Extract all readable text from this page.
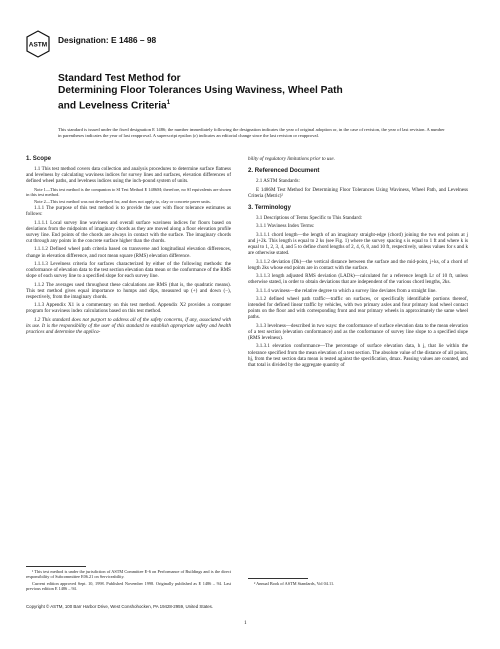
ASTM Designation: E 1486 – 98
Standard Test Method for
Determining Floor Tolerances Using Waviness, Wheel Path
and Levelness Criteria$^1$
This standard is issued under the fixed designation E 1486; the number immediately following the designation indicates the year of original adoption or, in the case of revision, the year of last revision. A number in parentheses indicates the year of last reapproval. A superscript epsilon (ε) indicates an editorial change since the last revision or reapproval.
1. Scope

1.1 This test method covers data collection and analysis procedures to determine surface flatness and levelness by calculating waviness indices for survey lines and surfaces, elevation differences of defined wheel paths, and levelness indices using the inch-pound system of units.

Note 1—This test method is the companion to SI Test Method E 1486M; therefore, no SI equivalents are shown in this test method.

Note 2—This test method was not developed for, and does not apply to, clay or concrete paver units.

1.1.1 The purpose of this test method is to provide the user with floor tolerance estimates as follows:

1.1.1.1 Local survey line waviness and overall surface waviness indices for floors based on deviations from the midpoints of imaginary chords as they are moved along a floor elevation profile survey line. End points of the chords are always in contact with the surface. The imaginary chords cut through any points in the concrete surface higher than the chords.

1.1.1.2 Defined wheel path criteria based on transverse and longitudinal elevation differences, change in elevation difference, and root mean square (RMS) elevation difference.

1.1.1.3 Levelness criteria for surfaces characterized by either of the following methods: the conformance of elevation data to the test section elevation data mean or the conformance of the RMS slope of each survey line to a specified slope for each survey line.

1.1.2 The averages used throughout these calculations are RMS (that is, the quadratic means). This test method gives equal importance to humps and dips, measured up (+) and down (−), respectively, from the imaginary chords.

1.1.3 Appendix X1 is a commentary on this test method. Appendix X2 provides a computer program for waviness index calculations based on this test method.

1.2 This standard does not purport to address all of the safety concerns, if any, associated with its use. It is the responsibility of the user of this standard to establish appropriate safety and health practices and determine the applica-

¹ This test method is under the jurisdiction of ASTM Committee E-6 on Performance of Buildings and is the direct responsibility of Subcommittee E06.21 on Serviceability.

Current edition approved Sept. 10, 1998. Published November 1998. Originally published as E 1486 – 94. Last previous edition E 1486 – 94.

bility of regulatory limitations prior to use.

2. Referenced Document

2.1 ASTM Standards:

E 1486M Test Method for Determining Floor Tolerances Using Waviness, Wheel Path, and Levelness Criteria (Metric)²

3. Terminology

3.1 Descriptions of Terms Specific to This Standard:

3.1.1 Waviness Index Terms:

3.1.1.1 chord length—the length of an imaginary straight-edge (chord) joining the two end points at j and j+2k. This length is equal to 2 ks (see Fig. 1) where the survey spacing s is equal to 1 ft and where k is equal to 1, 2, 3, 4, and 5 to define chord lengths of 2, 4, 6, 8, and 10 ft, respectively, unless values for s and k are otherwise stated.

3.1.1.2 deviation (Dk)—the vertical distance between the surface and the mid-point, j+ks, of a chord of length 2ks whose end points are in contact with the surface.

3.1.1.3 length adjusted RMS deviation (LADk)—calculated for a reference length Lr of 10 ft, unless otherwise stated, in order to obtain deviations that are independent of the various chord lengths, 2ks.

3.1.1.4 waviness—the relative degree to which a survey line deviates from a straight line.

3.1.2 defined wheel path traffic—traffic on surfaces, or specifically identifiable portions thereof, intended for defined linear traffic by vehicles, with two primary axles and four primary load wheel contact points on the floor and with corresponding front and rear primary wheels in approximately the same wheel paths.

3.1.3 levelness—described in two ways: the conformance of surface elevation data to the mean elevation of a test section (elevation conformance) and as the conformance of survey line slope to a specified slope (RMS levelness).

3.1.3.1 elevation conformance—The percentage of surface elevation data, h j, that lie within the tolerance specified from the mean elevation of a test section. The absolute value of the distance of all points, hj, from the test section data mean is tested against the specification, dmax. Passing values are counted, and that total is divided by the aggregate quantity of

² Annual Book of ASTM Standards, Vol 04.11.

Copyright © ASTM, 100 Barr Harbor Drive, West Conshohocken, PA 19428-2959, United States.
1
